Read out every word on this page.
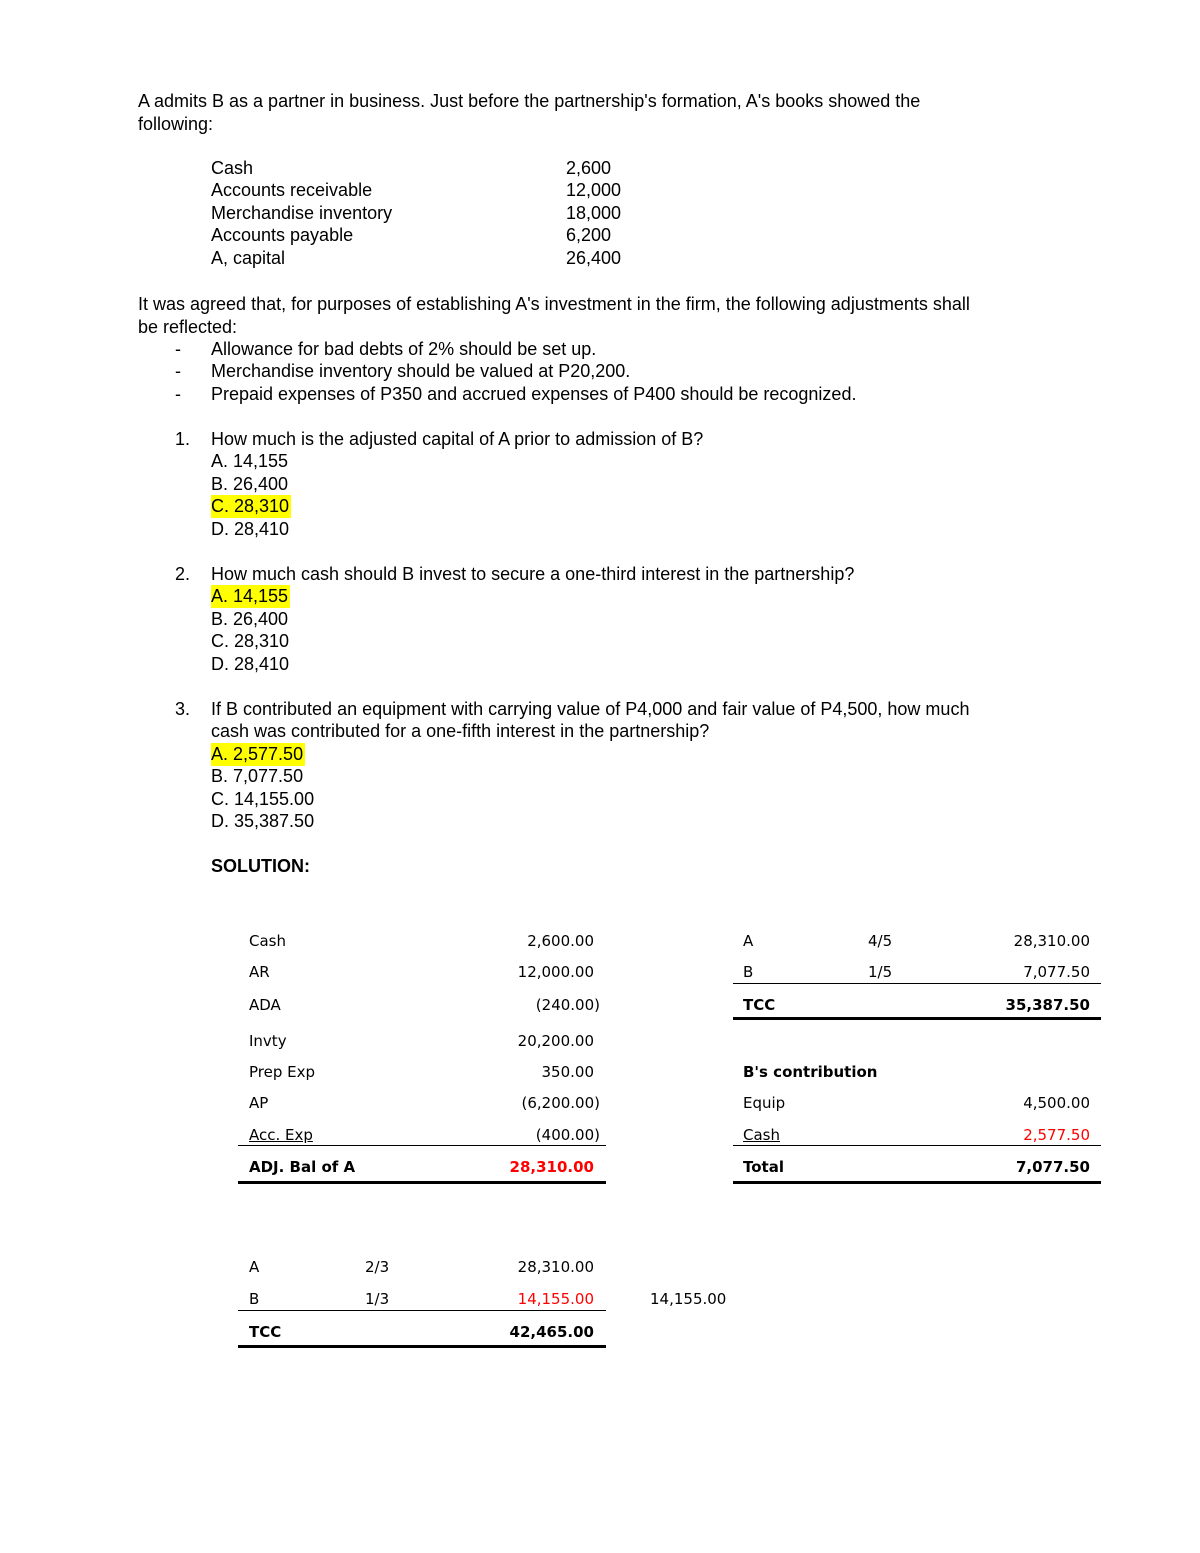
A admits B as a partner in business. Just before the partnership's formation, A's books showed the
following:
Cash	2,600
Accounts receivable	12,000
Merchandise inventory	18,000
Accounts payable	6,200
A, capital	26,400
It was agreed that, for purposes of establishing A's investment in the firm, the following adjustments shall
be reflected:
- Allowance for bad debts of 2% should be set up.
- Merchandise inventory should be valued at P20,200.
- Prepaid expenses of P350 and accrued expenses of P400 should be recognized.
1. How much is the adjusted capital of A prior to admission of B?
A. 14,155
B. 26,400
C. 28,310
D. 28,410
2. How much cash should B invest to secure a one-third interest in the partnership?
A. 14,155
B. 26,400
C. 28,310
D. 28,410
3. If B contributed an equipment with carrying value of P4,000 and fair value of P4,500, how much
cash was contributed for a one-fifth interest in the partnership?
A. 2,577.50
B. 7,077.50
C. 14,155.00
D. 35,387.50
SOLUTION:
Cash	2,600.00
AR	12,000.00
ADA	(240.00)
Invty	20,200.00
Prep Exp	350.00
AP	(6,200.00)
Acc. Exp	(400.00)
ADJ. Bal of A	28,310.00
A	4/5	28,310.00
B	1/5	7,077.50
TCC	35,387.50
B's contribution
Equip	4,500.00
Cash	2,577.50
Total	7,077.50
A	2/3	28,310.00
B	1/3	14,155.00	14,155.00
TCC	42,465.00
